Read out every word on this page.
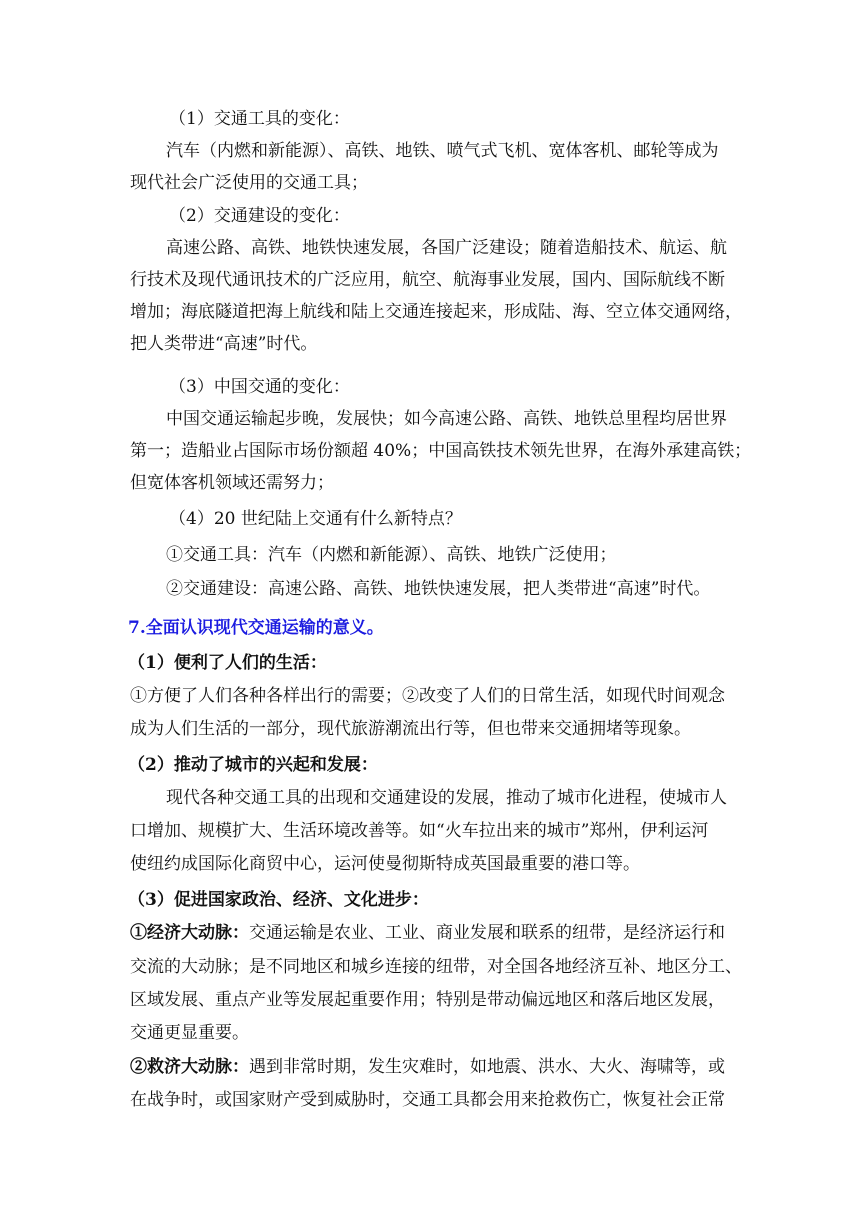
（1）交通工具的变化：
汽车（内燃和新能源）、高铁、地铁、喷气式飞机、宽体客机、邮轮等成为
现代社会广泛使用的交通工具；
（2）交通建设的变化：
高速公路、高铁、地铁快速发展，各国广泛建设；随着造船技术、航运、航
行技术及现代通讯技术的广泛应用，航空、航海事业发展，国内、国际航线不断
增加；海底隧道把海上航线和陆上交通连接起来，形成陆、海、空立体交通网络，
把人类带进“高速”时代。
（3）中国交通的变化：
中国交通运输起步晚，发展快；如今高速公路、高铁、地铁总里程均居世界
第一；造船业占国际市场份额超 40%；中国高铁技术领先世界，在海外承建高铁；
但宽体客机领域还需努力；
（4）20 世纪陆上交通有什么新特点？
①交通工具：汽车（内燃和新能源）、高铁、地铁广泛使用；
②交通建设：高速公路、高铁、地铁快速发展，把人类带进“高速”时代。
7.全面认识现代交通运输的意义。
（1）便利了人们的生活：
①方便了人们各种各样出行的需要；②改变了人们的日常生活，如现代时间观念
成为人们生活的一部分，现代旅游潮流出行等，但也带来交通拥堵等现象。
（2）推动了城市的兴起和发展：
现代各种交通工具的出现和交通建设的发展，推动了城市化进程，使城市人
口增加、规模扩大、生活环境改善等。如“火车拉出来的城市”郑州，伊利运河
使纽约成国际化商贸中心，运河使曼彻斯特成英国最重要的港口等。
（3）促进国家政治、经济、文化进步：
①经济大动脉：交通运输是农业、工业、商业发展和联系的纽带，是经济运行和
交流的大动脉；是不同地区和城乡连接的纽带，对全国各地经济互补、地区分工、
区域发展、重点产业等发展起重要作用；特别是带动偏远地区和落后地区发展，
交通更显重要。
②救济大动脉：遇到非常时期，发生灾难时，如地震、洪水、大火、海啸等，或
在战争时，或国家财产受到威胁时，交通工具都会用来抢救伤亡，恢复社会正常
